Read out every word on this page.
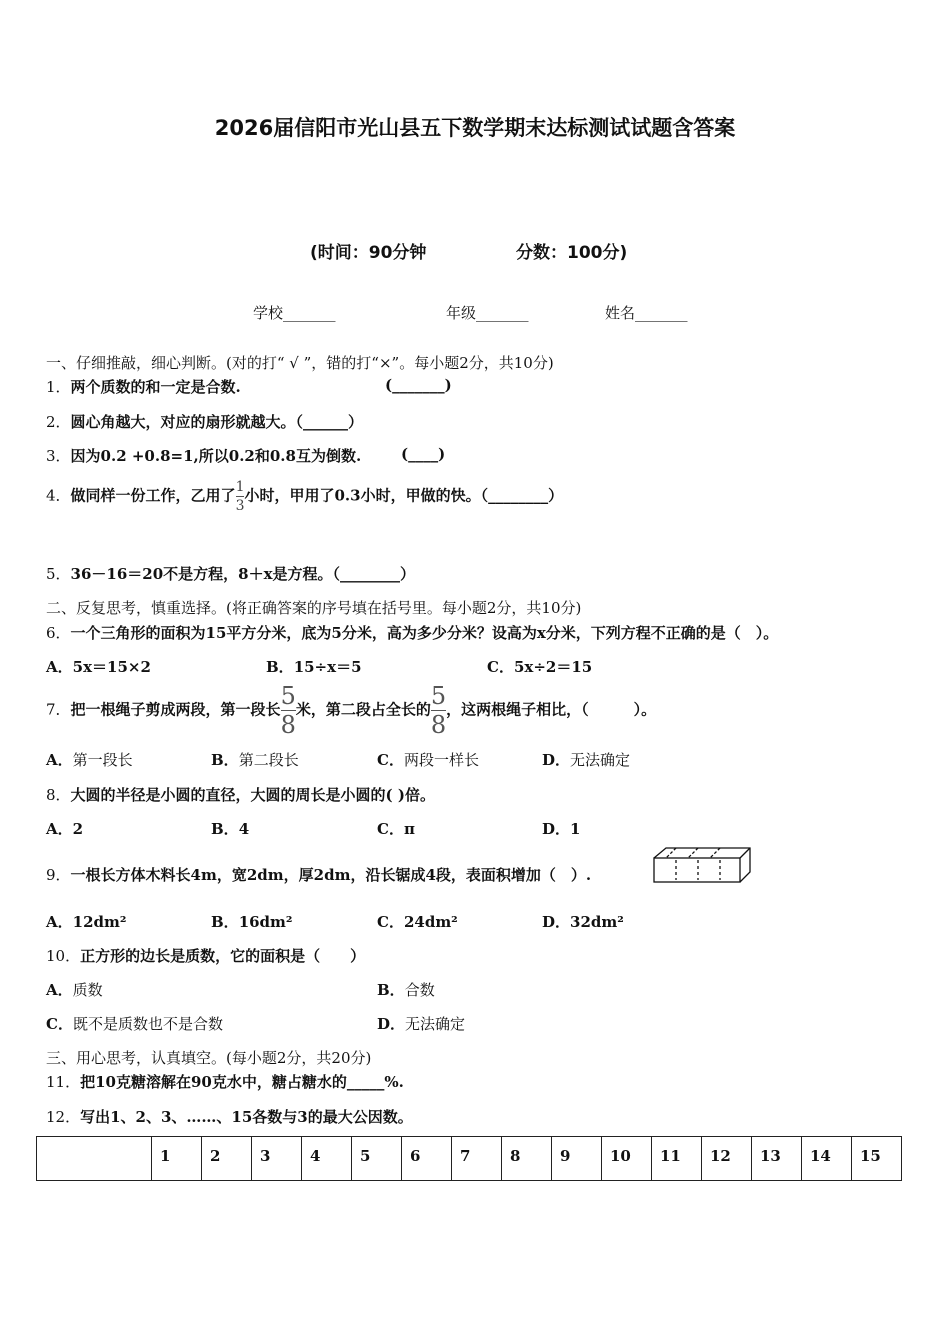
2026届信阳市光山县五下数学期末达标测试试题含答案
(时间：90分钟	分数：100分)
学校_______	年级_______	姓名_______
一、仔细推敲，细心判断。(对的打“ √ ”，错的打“×”。每小题2分，共10分)
1．两个质数的和一定是合数.	(_______)
2．圆心角越大，对应的扇形就越大。（______）
3．因为0.2 +0.8=1,所以0.2和0.8互为倒数.	(____)
4．做同样一份工作，乙用了 $\frac{1}{3}$ 小时，甲用了0.3小时，甲做的快。（________）
5．36－16＝20不是方程，8＋x是方程。（________）
二、反复思考，慎重选择。(将正确答案的序号填在括号里。每小题2分，共10分)
6．一个三角形的面积为15平方分米，底为5分米，高为多少分米？设高为x分米，下列方程不正确的是（　）。
A．5x＝15×2	B．15÷x＝5	C．5x÷2＝15
7．把一根绳子剪成两段，第一段长 $\frac{5}{8}$ 米，第二段占全长的 $\frac{5}{8}$ ，这两根绳子相比，（　　　）。
A．第一段长	B．第二段长	C．两段一样长	D．无法确定
8．大圆的半径是小圆的直径，大圆的周长是小圆的( )倍。
A．2	B．4	C．π	D．1
9．一根长方体木料长4m，宽2dm，厚2dm，沿长锯成4段，表面积增加（　）.
A．12dm²	B．16dm²	C．24dm²	D．32dm²
10．正方形的边长是质数，它的面积是（　　）
A．质数	B．合数
C．既不是质数也不是合数	D．无法确定
三、用心思考，认真填空。(每小题2分，共20分)
11．把10克糖溶解在90克水中，糖占糖水的_____%.
12．写出1、2、3、……、15各数与3的最大公因数。
	1	2	3	4	5	6	7	8	9	10	11	12	13	14	15
